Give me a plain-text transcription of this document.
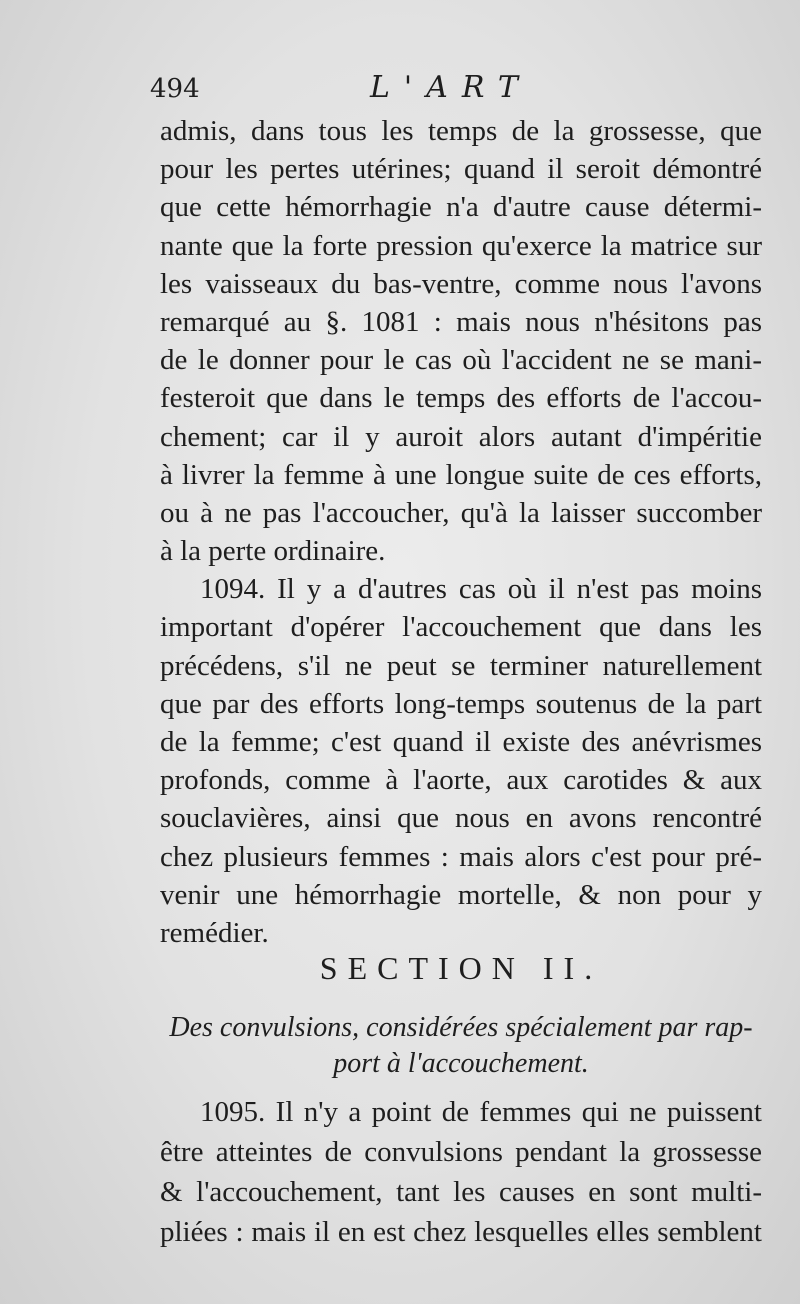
494	L'ART
admis, dans tous les temps de la grossesse, que
pour les pertes utérines; quand il seroit démontré
que cette hémorrhagie n'a d'autre cause détermi-
nante que la forte pression qu'exerce la matrice sur
les vaisseaux du bas-ventre, comme nous l'avons
remarqué au §. 1081 : mais nous n'hésitons pas
de le donner pour le cas où l'accident ne se mani-
festeroit que dans le temps des efforts de l'accou-
chement; car il y auroit alors autant d'impéritie
à livrer la femme à une longue suite de ces efforts,
ou à ne pas l'accoucher, qu'à la laisser succomber
à la perte ordinaire.
1094. Il y a d'autres cas où il n'est pas moins
important d'opérer l'accouchement que dans les
précédens, s'il ne peut se terminer naturellement
que par des efforts long-temps soutenus de la part
de la femme; c'est quand il existe des anévrismes
profonds, comme à l'aorte, aux carotides & aux
souclavières, ainsi que nous en avons rencontré
chez plusieurs femmes : mais alors c'est pour pré-
venir une hémorrhagie mortelle, & non pour y
remédier.
SECTION II.
Des convulsions, considérées spécialement par rap-
port à l'accouchement.
1095. Il n'y a point de femmes qui ne puissent
être atteintes de convulsions pendant la grossesse
& l'accouchement, tant les causes en sont multi-
pliées : mais il en est chez lesquelles elles semblent
